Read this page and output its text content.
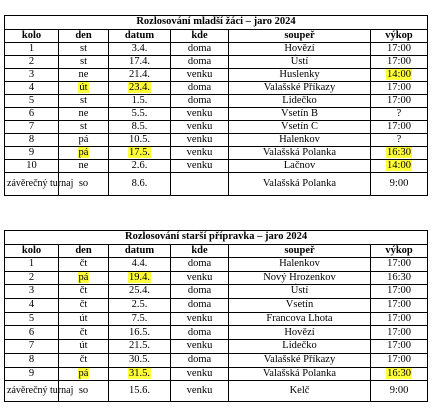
Rozlosování mladší žáci – jaro 2024					
kolo	den	datum	kde	soupeř	výkop
1	st	3.4.	doma	Hovězí	17:00
2	st	17.4.	doma	Ústí	17:00
3	ne	21.4.	venku	Huslenky	14:00
4	út	23.4.	doma	Valašské Příkazy	17:00
5	st	1.5.	doma	Lidečko	17:00
6	ne	5.5.	venku	Vsetín B	?
7	st	8.5.	venku	Vsetín C	17:00
8	pá	10.5.	venku	Halenkov	?
9	pá	17.5.	venku	Valašská Polanka	16:30
10	ne	2.6.	venku	Lačnov	14:00
závěrečný turnaj	so	8.6.		Valašská Polanka	9:00
Rozlosování starší přípravka – jaro 2024					
kolo	den	datum	kde	soupeř	výkop
1	čt	4.4.	doma	Halenkov	17:00
2	pá	19.4.	venku	Nový Hrozenkov	16:30
3	čt	25.4.	doma	Ústí	17:00
4	čt	2.5.	doma	Vsetín	17:00
5	út	7.5.	venku	Francova Lhota	17:00
6	čt	16.5.	doma	Hovězí	17:00
7	út	21.5.	venku	Lidečko	17:00
8	čt	30.5.	doma	Valašské Příkazy	17:00
9	pá	31.5.	venku	Valašská Polanka	16:30
závěrečný turnaj	so	15.6.	venku	Kelč	9:00
